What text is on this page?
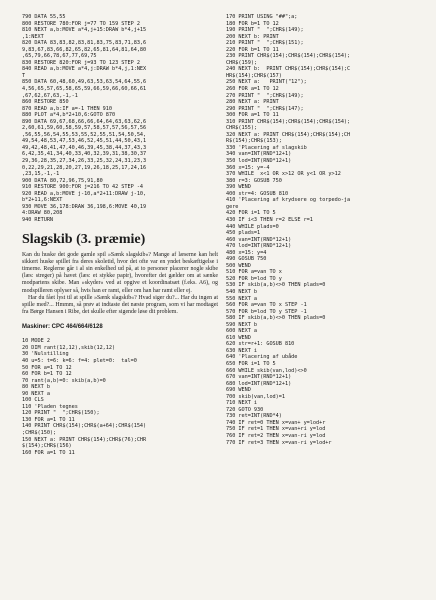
790 DATA 55,55
800 RESTORE 780:FOR j=77 TO 159 STEP 2
810 NEXT a,b:MOVE a*4,j+15:DRAW b*4,j+15
,1:NEXT
820 DATA 83,83,82,83,81,83,75,83,71,83,6
9,83,67,83,66,82,65,82,65,81,64,81,64,80
,65,79,66,78,67,77,69,75
830 RESTORE 820:FOR j=93 TO 123 STEP 2
840 READ a,b:MOVE a*4,j:DRAW b*4,j,1:NEX
T
850 DATA 60,48,60,49,63,53,63,54,64,55,6
4,56,65,57,65,58,65,59,66,59,66,60,66,61
,67,62,67,63,-1,-1
860 RESTORE 850
870 READ a,b:IF a=-1 THEN 910
880 PLOT a*4,b*2+10,6:GOTO 870
890 DATA 69,67,68,66,66,64,64,63,63,62,6
2,60,61,59,60,58,59,57,58,57,57,56,57,56
,56,55,56,54,55,53,55,52,55,51,54,50,54,
49,54,48,53,47,53,46,52,45,51,44,50,43,1
49,42,48,41,47,40,46,39,45,38,44,37,43,3
6,42,35,41,34,40,33,40,32,39,31,38,30,37
29,36,28,35,27,34,26,33,25,32,24,31,23,3
0,22,29,21,28,20,27,19,26,18,25,17,24,16
,23,15,-1,-1
900 DATA 80,72,96,75,91,80
910 RESTORE 900:FOR j=216 TO 42 STEP -4
920 READ a,b:MOVE j-10,a*2+11:DRAW j-10,
b*2+11,6:NEXT
930 MOVE 36,178:DRAW 36,198,6:MOVE 40,19
4:DRAW 80,208
940 RETURN
Slagskib (3. præmie)

Kan du huske det gode gamle spil »Sænk slagskib«? Mange af læserne kan helt sikkert huske spillet fra deres skoletid, hvor det ofte var en yndet beskæftigelse i timerne. Reglerne går i al sin enkelhed ud på, at to personer placerer nogle skibe (læs: streger) på havet (læs: et stykke papir), hvorefter det gælder om at sænke modpartens skibe. Man »skyder« ved at opgive et koordinatsæt (f.eks. A6), og modspilleren oplyser så, hvis han er ramt, eller om han har ramt eller ej.

Har du fået lyst til at spille »Sænk slagskib«? Hvad siger du?... Har du ingen at spille med?... Hmmm, så prøv at indtaste det næste program, som vi har modtaget fra Børge Hansen i Ribe, det skulle efter sigende løse dit problem.

Maskiner: CPC 464/664/6128
10 MODE 2
20 DIM rant(12,12),skib(12,12)
30 'Nulstilling
40 u=5: t=6: k=6: f=4: plet=0:  tal=0
50 FOR a=1 TO 12
60 FOR b=1 TO 12
70 rant(a,b)=0: skib(a,b)=0
80 NEXT b
90 NEXT a
100 CLS
110 'Pladen tegnes
120 PRINT "  ";CHR$(150);
130 FOR a=1 TO 11
140 PRINT CHR$(154);CHR$(a+64);CHR$(154)
;CHR$(150);
150 NEXT a: PRINT CHR$(154);CHR$(76);CHR
$(154);CHR$(156)
160 FOR a=1 TO 11
170 PRINT USING "##";a;
180 FOR b=1 TO 12
190 PRINT "  ";CHR$(149);
200 NEXT b: PRINT
210 PRINT "  ";CHR$(151);
220 FOR b=1 TO 11
230 PRINT CHR$(154);CHR$(154);CHR$(154);
CHR$(159);
240 NEXT b:  PRINT CHR$(154);CHR$(154);C
HR$(154);CHR$(157)
250 NEXT a:   PRINT("12");
260 FOR a=1 TO 12
270 PRINT "  ";CHR$(149);
280 NEXT a: PRINT
290 PRINT "  ";CHR$(147);
300 FOR a=1 TO 11
310 PRINT CHR$(154);CHR$(154);CHR$(154);
CHR$(155);
320 NEXT a: PRINT CHR$(154);CHR$(154);CH
R$(154);CHR$(153);
330 'Placering af slagskib
340 van=INT(RND*12+1)
350 lod=INT(RND*12+1)
360 x=15: y=-4
370 WHILE  x<1 OR x>12 OR y<1 OR y>12
380 r=3: GOSUB 750
390 WEND
400 str=4: GOSUB 810
410 'Placering af krydsere og torpedo-ja
gere
420 FOR i=1 TO 5
430 IF i<3 THEN r=2 ELSE r=1
440 WHILE plads=0
450 plads=1
460 van=INT(RND*12+1)
470 lod=INT(RND*12+1)
480 x=15: y=4
490 GOSUB 750
500 WEND
510 FOR a=van TO x
520 FOR b=lod TO y
530 IF skib(a,b)<>0 THEN plads=0
540 NEXT b
550 NEXT a
560 FOR a=van TO x STEP -1
570 FOR b=lod TO y STEP -1
580 IF skib(a,b)<>0 THEN plads=0
590 NEXT b
600 NEXT a
610 WEND
620 str=r+1: GOSUB 810
630 NEXT i
640 'Placering af ubåde
650 FOR i=1 TO 5
660 WHILE skib(van,lod)<>0
670 van=INT(RND*12+1)
680 lod=INT(RND*12+1)
690 WEND
700 skib(van,lod)=1
710 NEXT i
720 GOTO 930
730 ret=INT(RND*4)
740 IF ret=0 THEN x=van+ y=lod+r
750 IF ret=1 THEN x=van+ri y=lod
760 IF ret=2 THEN x=van-ri y=lod
770 IF ret=3 THEN x=van-ri y=lod+r
